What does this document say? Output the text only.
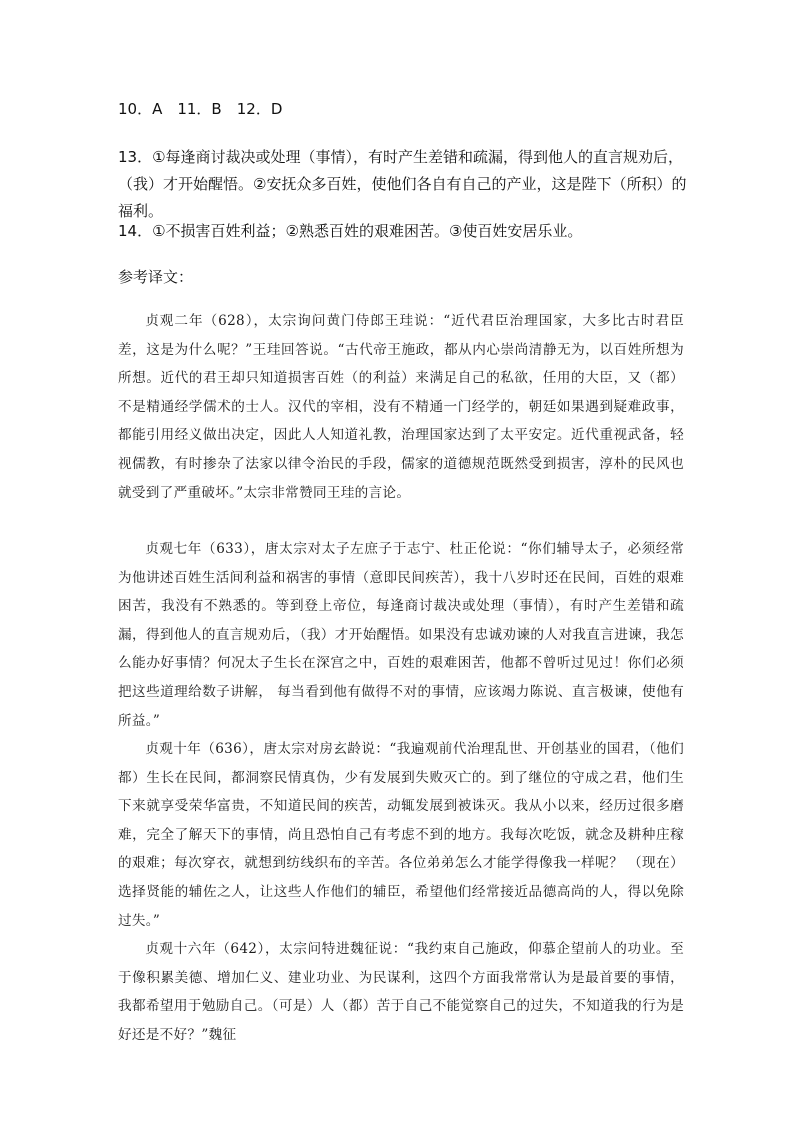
10．A　11．B　12．D
13．①每逢商讨裁决或处理（事情），有时产生差错和疏漏，得到他人的直言规劝后，（我）才开始醒悟。②安抚众多百姓，使他们各自有自己的产业，这是陛下（所积）的福利。
14．①不损害百姓利益；②熟悉百姓的艰难困苦。③使百姓安居乐业。
参考译文：

贞观二年（628），太宗询问黄门侍郎王珪说：“近代君臣治理国家，大多比古时君臣差，这是为什么呢？”王珪回答说。“古代帝王施政，都从内心崇尚清静无为，以百姓所想为所想。近代的君王却只知道损害百姓（的利益）来满足自己的私欲，任用的大臣，又（都）不是精通经学儒术的士人。汉代的宰相，没有不精通一门经学的，朝廷如果遇到疑难政事，都能引用经义做出决定，因此人人知道礼教，治理国家达到了太平安定。近代重视武备，轻视儒教，有时掺杂了法家以律令治民的手段，儒家的道德规范既然受到损害，淳朴的民风也就受到了严重破坏。”太宗非常赞同王珪的言论。

贞观七年（633），唐太宗对太子左庶子于志宁、杜正伦说：“你们辅导太子，必须经常为他讲述百姓生活间利益和祸害的事情（意即民间疾苦），我十八岁时还在民间，百姓的艰难困苦，我没有不熟悉的。等到登上帝位，每逢商讨裁决或处理（事情），有时产生差错和疏漏，得到他人的直言规劝后，（我）才开始醒悟。如果没有忠诚劝谏的人对我直言进谏，我怎么能办好事情？何况太子生长在深宫之中，百姓的艰难困苦，他都不曾听过见过！你们必须把这些道理给数子讲解， 每当看到他有做得不对的事情，应该竭力陈说、直言极谏，使他有所益。”

贞观十年（636），唐太宗对房玄龄说：“我遍观前代治理乱世、开创基业的国君，（他们都）生长在民间，都洞察民情真伪，少有发展到失败灭亡的。到了继位的守成之君，他们生下来就享受荣华富贵，不知道民间的疾苦，动辄发展到被诛灭。我从小以来，经历过很多磨难，完全了解天下的事情，尚且恐怕自己有考虑不到的地方。我每次吃饭，就念及耕种庄稼的艰难；每次穿衣，就想到纺线织布的辛苦。各位弟弟怎么才能学得像我一样呢？ （现在）选择贤能的辅佐之人，让这些人作他们的辅臣，希望他们经常接近品德高尚的人，得以免除过失。”

贞观十六年（642），太宗问特进魏征说：“我约束自己施政，仰慕企望前人的功业。至于像积累美德、增加仁义、建业功业、为民谋利，这四个方面我常常认为是最首要的事情，我都希望用于勉励自己。（可是）人（都）苦于自己不能觉察自己的过失，不知道我的行为是好还是不好？”魏征
